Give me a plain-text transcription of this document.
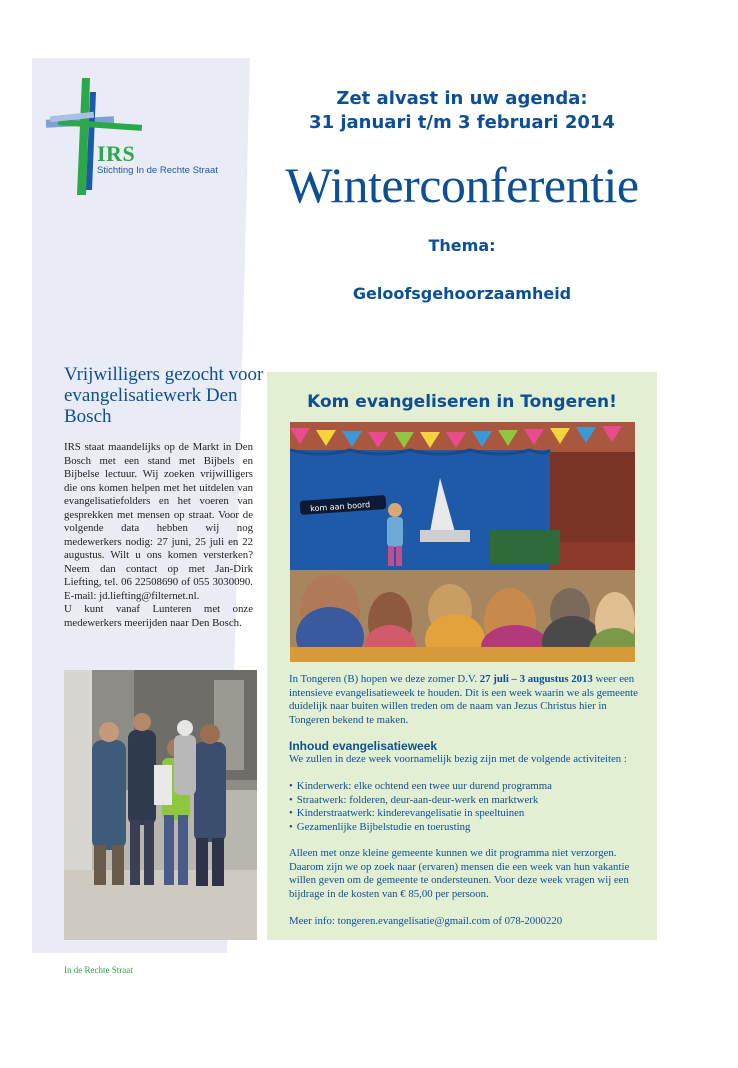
IRS
Stichting In de Rechte Straat
Zet alvast in uw agenda:
31 januari t/m 3 februari 2014
Winterconferentie
Thema:
Geloofsgehoorzaamheid
Vrijwilligers gezocht voor evangelisatiewerk Den Bosch

IRS staat maandelijks op de Markt in Den Bosch met een stand met Bijbels en Bijbelse lectuur. Wij zoeken vrijwilligers die ons komen helpen met het uitdelen van evangelisatiefolders en het voeren van gesprekken met mensen op straat. Voor de volgende data hebben wij nog medewerkers nodig: 27 juni, 25 juli en 22 augustus. Wilt u ons komen versterken? Neem dan contact op met Jan-Dirk Liefting, tel. 06 22508690 of 055 3030090. E-mail: jd.liefting@filternet.nl.

U kunt vanaf Lunteren met onze medewerkers meerijden naar Den Bosch.

Kom evangeliseren in Tongeren!
kom aan boord
In Tongeren (B) hopen we deze zomer D.V. 27 juli – 3 augustus 2013 weer een intensieve evangelisatieweek te houden. Dit is een week waarin we als gemeente duidelijk naar buiten willen treden om de naam van Jezus Christus hier in Tongeren bekend te maken.
Inhoud evangelisatieweek
We zullen in deze week voornamelijk bezig zijn met de volgende activiteiten :
• Kinderwerk: elke ochtend een twee uur durend programma
• Straatwerk: folderen, deur-aan-deur-werk en marktwerk
• Kinderstraatwerk: kinderevangelisatie in speeltuinen
• Gezamenlijke Bijbelstudie en toerusting
Alleen met onze kleine gemeente kunnen we dit programma niet verzorgen. Daarom zijn we op zoek naar (ervaren) mensen die een week van hun vakantie willen geven om de gemeente te ondersteunen. Voor deze week vragen wij een bijdrage in de kosten van € 85,00 per persoon.
Meer info: tongeren.evangelisatie@gmail.com of 078-2000220
In de Rechte Straat
